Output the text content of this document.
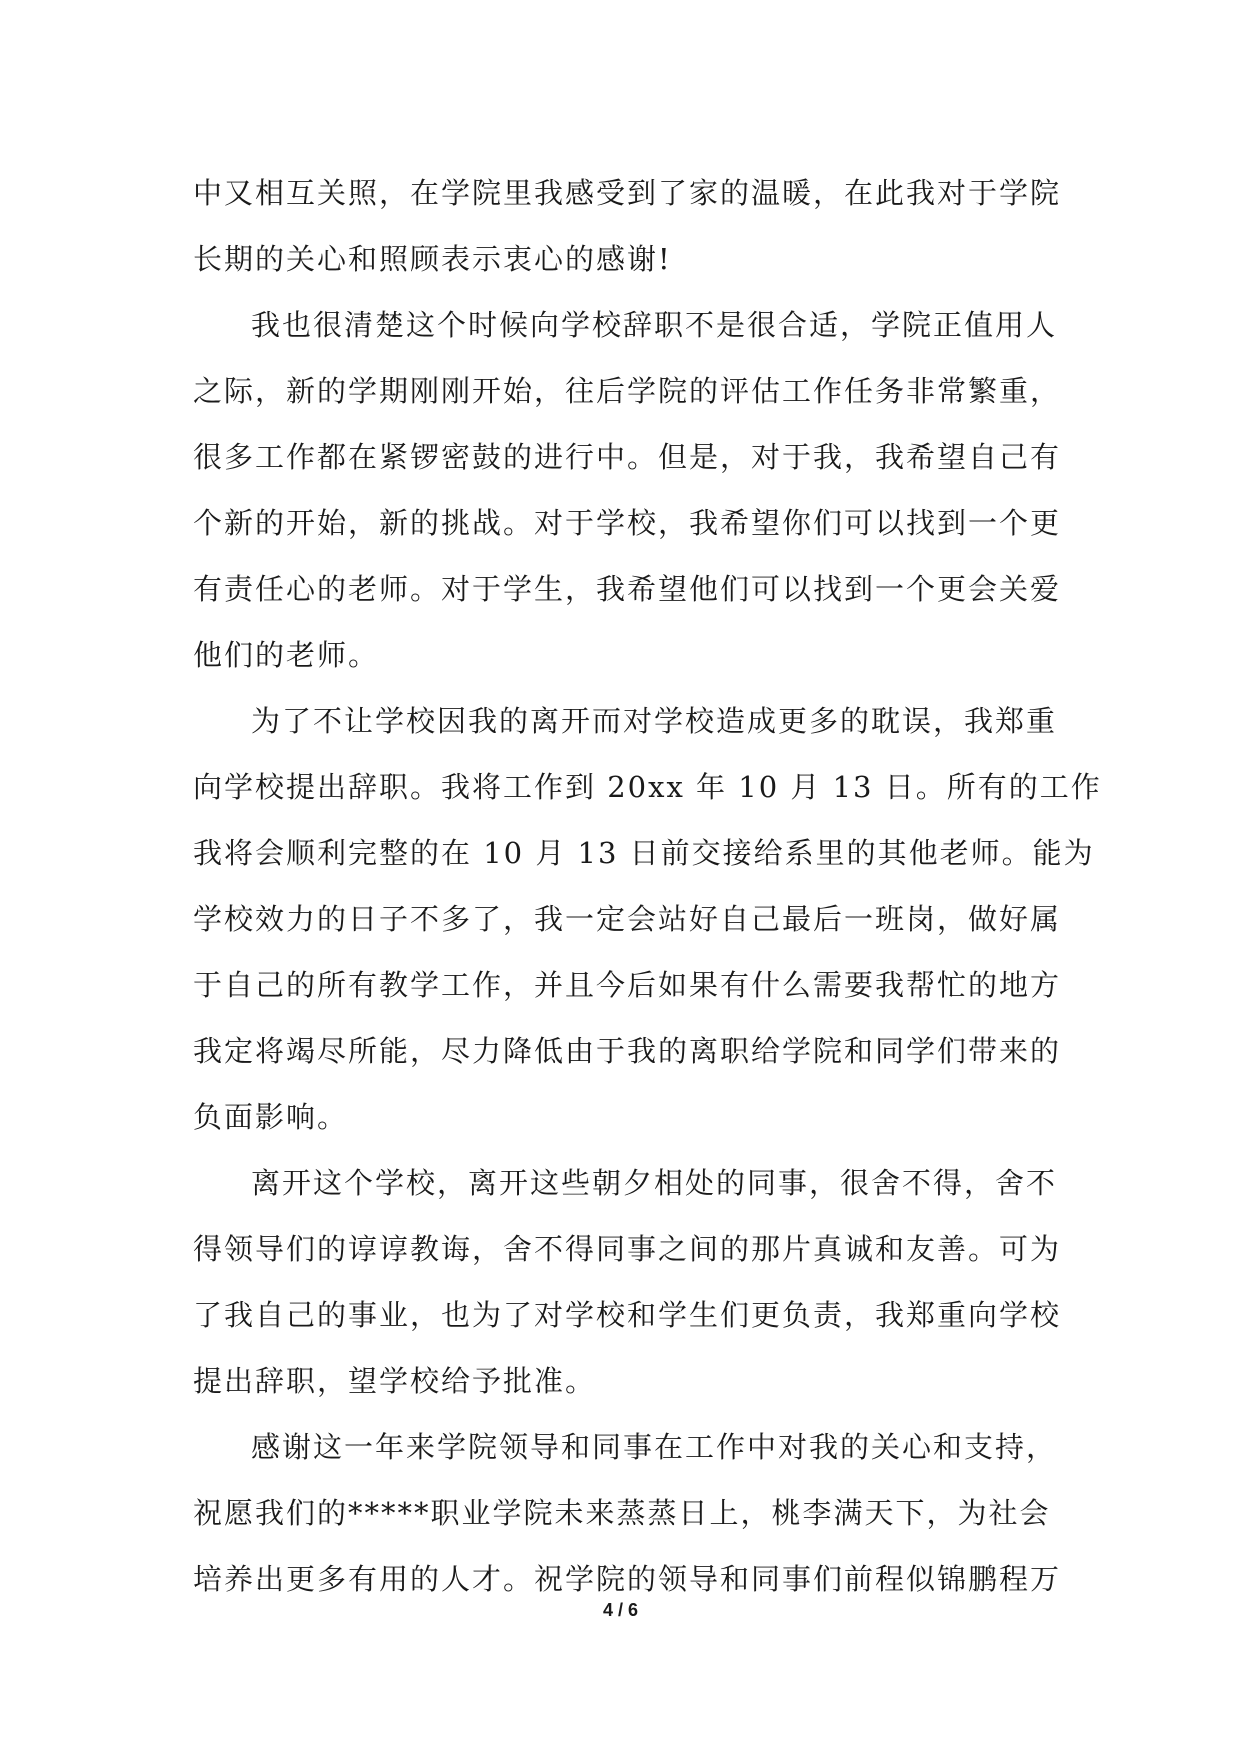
中又相互关照，在学院里我感受到了家的温暖，在此我对于学院
长期的关心和照顾表示衷心的感谢!
我也很清楚这个时候向学校辞职不是很合适，学院正值用人
之际，新的学期刚刚开始，往后学院的评估工作任务非常繁重，
很多工作都在紧锣密鼓的进行中。但是，对于我，我希望自己有
个新的开始，新的挑战。对于学校，我希望你们可以找到一个更
有责任心的老师。对于学生，我希望他们可以找到一个更会关爱
他们的老师。
为了不让学校因我的离开而对学校造成更多的耽误，我郑重
向学校提出辞职。我将工作到 20xx 年 10 月 13 日。所有的工作
我将会顺利完整的在 10 月 13 日前交接给系里的其他老师。能为
学校效力的日子不多了，我一定会站好自己最后一班岗，做好属
于自己的所有教学工作，并且今后如果有什么需要我帮忙的地方
我定将竭尽所能，尽力降低由于我的离职给学院和同学们带来的
负面影响。
离开这个学校，离开这些朝夕相处的同事，很舍不得，舍不
得领导们的谆谆教诲，舍不得同事之间的那片真诚和友善。可为
了我自己的事业，也为了对学校和学生们更负责，我郑重向学校
提出辞职，望学校给予批准。
感谢这一年来学院领导和同事在工作中对我的关心和支持，
祝愿我们的*****职业学院未来蒸蒸日上，桃李满天下，为社会
培养出更多有用的人才。祝学院的领导和同事们前程似锦鹏程万
4 / 6
